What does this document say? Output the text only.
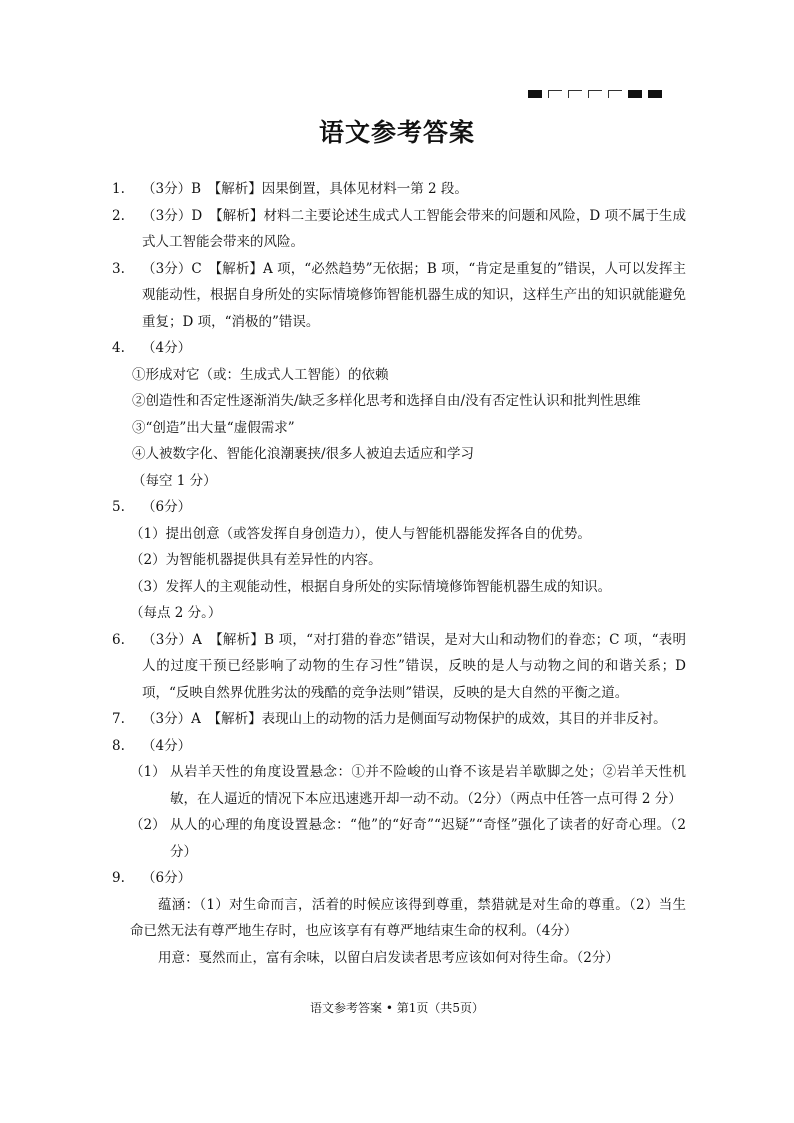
语文参考答案
1.	（3分）B　【解析】因果倒置，具体见材料一第 2 段。

2.	（3分）D　【解析】材料二主要论述生成式人工智能会带来的问题和风险，D 项不属于生成式人工智能会带来的风险。

3.	（3分）C　【解析】A 项，“必然趋势”无依据；B 项，“肯定是重复的”错误，人可以发挥主观能动性，根据自身所处的实际情境修饰智能机器生成的知识，这样生产出的知识就能避免重复；D 项，“消极的”错误。

4.	（4分）

①形成对它（或：生成式人工智能）的依赖

②创造性和否定性逐渐消失/缺乏多样化思考和选择自由/没有否定性认识和批判性思维

③“创造”出大量“虚假需求”

④人被数字化、智能化浪潮裹挟/很多人被迫去适应和学习

（每空 1 分）

5.	（6分）

（1）提出创意（或答发挥自身创造力），使人与智能机器能发挥各自的优势。

（2）为智能机器提供具有差异性的内容。

（3）发挥人的主观能动性，根据自身所处的实际情境修饰智能机器生成的知识。

（每点 2 分。）

6.	（3分）A　【解析】B 项，“对打猎的眷恋”错误，是对大山和动物们的眷恋；C 项，“表明人的过度干预已经影响了动物的生存习性”错误，反映的是人与动物之间的和谐关系；D 项，“反映自然界优胜劣汰的残酷的竞争法则”错误，反映的是大自然的平衡之道。

7.	（3分）A　【解析】表现山上的动物的活力是侧面写动物保护的成效，其目的并非反衬。

8.	（4分）

（1） 从岩羊天性的角度设置悬念：①并不险峻的山脊不该是岩羊歇脚之处；②岩羊天性机敏，在人逼近的情况下本应迅速逃开却一动不动。（2分）（两点中任答一点可得 2 分）
（2） 从人的心理的角度设置悬念：“他”的“好奇”“迟疑”“奇怪”强化了读者的好奇心理。（2分）
9.	（6分）

蕴涵：（1）对生命而言，活着的时候应该得到尊重，禁猎就是对生命的尊重。（2）当生命已然无法有尊严地生存时，也应该享有有尊严地结束生命的权利。（4分）

用意：戛然而止，富有余味，以留白启发读者思考应该如何对待生命。（2分）

语文参考答案 • 第1页（共5页）
